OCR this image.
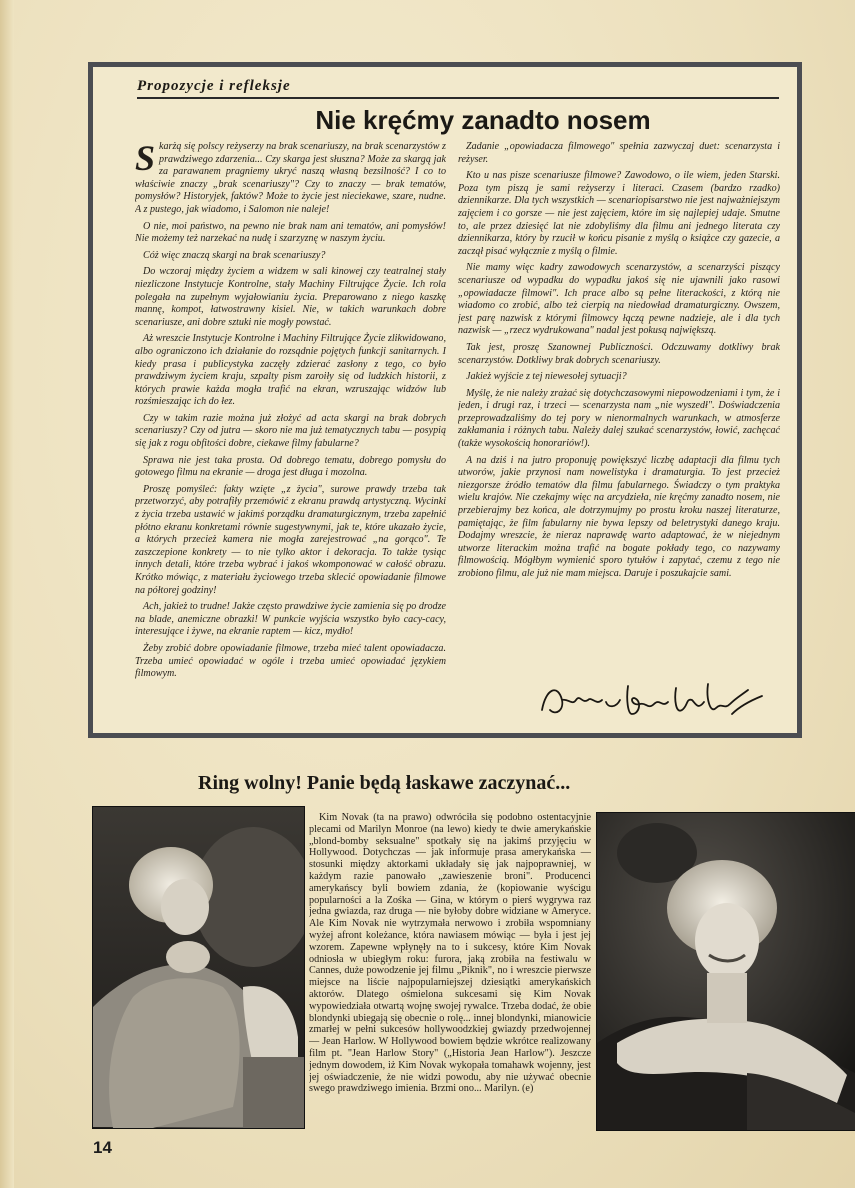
Propozycje i refleksje
Nie kręćmy zanadto nosem

Skarżą się polscy reżyserzy na brak scenariuszy, na brak scenarzystów z prawdziwego zdarzenia... Czy skarga jest słuszna? Może za skargą jak za parawanem pragniemy ukryć naszą własną bezsilność? I co to właściwie znaczy „brak scenariuszy"? Czy to znaczy — brak tematów, pomysłów? Historyjek, faktów? Może to życie jest nieciekawe, szare, nudne. A z pustego, jak wiadomo, i Salomon nie naleje!

O nie, moi państwo, na pewno nie brak nam ani tematów, ani pomysłów! Nie możemy też narzekać na nudę i szarzyznę w naszym życiu.

Cóż więc znaczą skargi na brak scenariuszy?

Do wczoraj między życiem a widzem w sali kinowej czy teatralnej stały niezliczone Instytucje Kontrolne, stały Machiny Filtrujące Życie. Ich rola polegała na zupełnym wyjałowianiu życia. Preparowano z niego kaszkę mannę, kompot, łatwostrawny kisiel. Nie, w takich warunkach dobre scenariusze, ani dobre sztuki nie mogły powstać.

Aż wreszcie Instytucje Kontrolne i Machiny Filtrujące Życie zlikwidowano, albo ograniczono ich działanie do rozsądnie pojętych funkcji sanitarnych. I kiedy prasa i publicystyka zaczęły zdzierać zasłony z tego, co było prawdziwym życiem kraju, szpalty pism zaroiły się od ludzkich historii, z których prawie każda mogła trafić na ekran, wzruszając widzów lub rozśmieszając ich do łez.

Czy w takim razie można już złożyć ad acta skargi na brak dobrych scenariuszy? Czy od jutra — skoro nie ma już tematycznych tabu — posypią się jak z rogu obfitości dobre, ciekawe filmy fabularne?

Sprawa nie jest taka prosta. Od dobrego tematu, dobrego pomysłu do gotowego filmu na ekranie — droga jest długa i mozolna.

Proszę pomyśleć: fakty wzięte „z życia", surowe prawdy trzeba tak przetworzyć, aby potrafiły przemówić z ekranu prawdą artystyczną. Wycinki z życia trzeba ustawić w jakimś porządku dramaturgicznym, trzeba zapełnić płótno ekranu konkretami równie sugestywnymi, jak te, które ukazało życie, a których przecież kamera nie mogła zarejestrować „na gorąco". Te zaszczepione konkrety — to nie tylko aktor i dekoracja. To także tysiąc innych detali, które trzeba wybrać i jakoś wkomponować w całość obrazu. Krótko mówiąc, z materiału życiowego trzeba sklecić opowiadanie filmowe na półtorej godziny!

Ach, jakież to trudne! Jakże często prawdziwe życie zamienia się po drodze na blade, anemiczne obrazki! W punkcie wyjścia wszystko było cacy-cacy, interesujące i żywe, na ekranie raptem — kicz, mydło!

Żeby zrobić dobre opowiadanie filmowe, trzeba mieć talent opowiadacza. Trzeba umieć opowiadać w ogóle i trzeba umieć opowiadać językiem filmowym.

Zadanie „opowiadacza filmowego" spełnia zazwyczaj duet: scenarzysta i reżyser.

Kto u nas pisze scenariusze filmowe? Zawodowo, o ile wiem, jeden Starski. Poza tym piszą je sami reżyserzy i literaci. Czasem (bardzo rzadko) dziennikarze. Dla tych wszystkich — scenariopisarstwo nie jest najważniejszym zajęciem i co gorsze — nie jest zajęciem, które im się najlepiej udaje. Smutne to, ale przez dziesięć lat nie zdobyliśmy dla filmu ani jednego literata czy dziennikarza, który by rzucił w końcu pisanie z myślą o książce czy gazecie, a zaczął pisać wyłącznie z myślą o filmie.

Nie mamy więc kadry zawodowych scenarzystów, a scenarzyści piszący scenariusze od wypadku do wypadku jakoś się nie ujawnili jako rasowi „opowiadacze filmowi". Ich prace albo są pełne literackości, z którą nie wiadomo co zrobić, albo też cierpią na niedowład dramaturgiczny. Owszem, jest parę nazwisk z którymi filmowcy łączą pewne nadzieje, ale i dla tych nazwisk — „rzecz wydrukowana" nadal jest pokusą największą.

Tak jest, proszę Szanownej Publiczności. Odczuwamy dotkliwy brak scenarzystów. Dotkliwy brak dobrych scenariuszy.

Jakież wyjście z tej niewesołej sytuacji?

Myślę, że nie należy zrażać się dotychczasowymi niepowodzeniami i tym, że i jeden, i drugi raz, i trzeci — scenarzysta nam „nie wyszedł". Doświadczenia przeprowadzaliśmy do tej pory w nienormalnych warunkach, w atmosferze zakłamania i różnych tabu. Należy dalej szukać scenarzystów, łowić, zachęcać (także wysokością honorariów!).

A na dziś i na jutro proponuję powiększyć liczbę adaptacji dla filmu tych utworów, jakie przynosi nam nowelistyka i dramaturgia. To jest przecież niezgorsze źródło tematów dla filmu fabularnego. Świadczy o tym praktyka wielu krajów. Nie czekajmy więc na arcydzieła, nie kręćmy zanadto nosem, nie przebierajmy bez końca, ale dotrzymujmy po prostu kroku naszej literaturze, pamiętając, że film fabularny nie bywa lepszy od beletrystyki danego kraju. Dodajmy wreszcie, że nieraz naprawdę warto adaptować, że w niejednym utworze literackim można trafić na bogate pokłady tego, co nazywamy filmowością. Mógłbym wymienić sporo tytułów i zapytać, czemu z tego nie zrobiono filmu, ale już nie mam miejsca. Daruje i poszukajcie sami.

Ring wolny! Panie będą łaskawe zaczynać...

Kim Novak (ta na prawo) odwróciła się podobno ostentacyjnie plecami od Marilyn Monroe (na lewo) kiedy te dwie amerykańskie „blond-bomby seksualne" spotkały się na jakimś przyjęciu w Hollywood. Dotychczas — jak informuje prasa amerykańska — stosunki między aktorkami układały się jak najpoprawniej, w każdym razie panowało „zawieszenie broni". Producenci amerykańscy byli bowiem zdania, że (kopiowanie wyścigu popularności a la Zośka — Gina, w którym o pierś wygrywa raz jedna gwiazda, raz druga — nie byłoby dobre widziane w Ameryce. Ale Kim Novak nie wytrzymała nerwowo i zrobiła wspomniany wyżej afront koleżance, która nawiasem mówiąc — była i jest jej wzorem. Zapewne wpłynęły na to i sukcesy, które Kim Novak odniosła w ubiegłym roku: furora, jaką zrobiła na festiwalu w Cannes, duże powodzenie jej filmu „Piknik", no i wreszcie pierwsze miejsce na liście najpopularniejszej dziesiątki amerykańskich aktorów. Dlatego ośmielona sukcesami się Kim Novak wypowiedziała otwartą wojnę swojej rywalce. Trzeba dodać, że obie blondynki ubiegają się obecnie o rolę... innej blondynki, mianowicie zmarłej w pełni sukcesów hollywoodzkiej gwiazdy przedwojennej — Jean Harlow. W Hollywood bowiem będzie wkrótce realizowany film pt. "Jean Harlow Story" („Historia Jean Harlow"). Jeszcze jednym dowodem, iż Kim Novak wykopała tomahawk wojenny, jest jej oświadczenie, że nie widzi powodu, aby nie używać obecnie swego prawdziwego imienia. Brzmi ono... Marilyn. (e)

14
